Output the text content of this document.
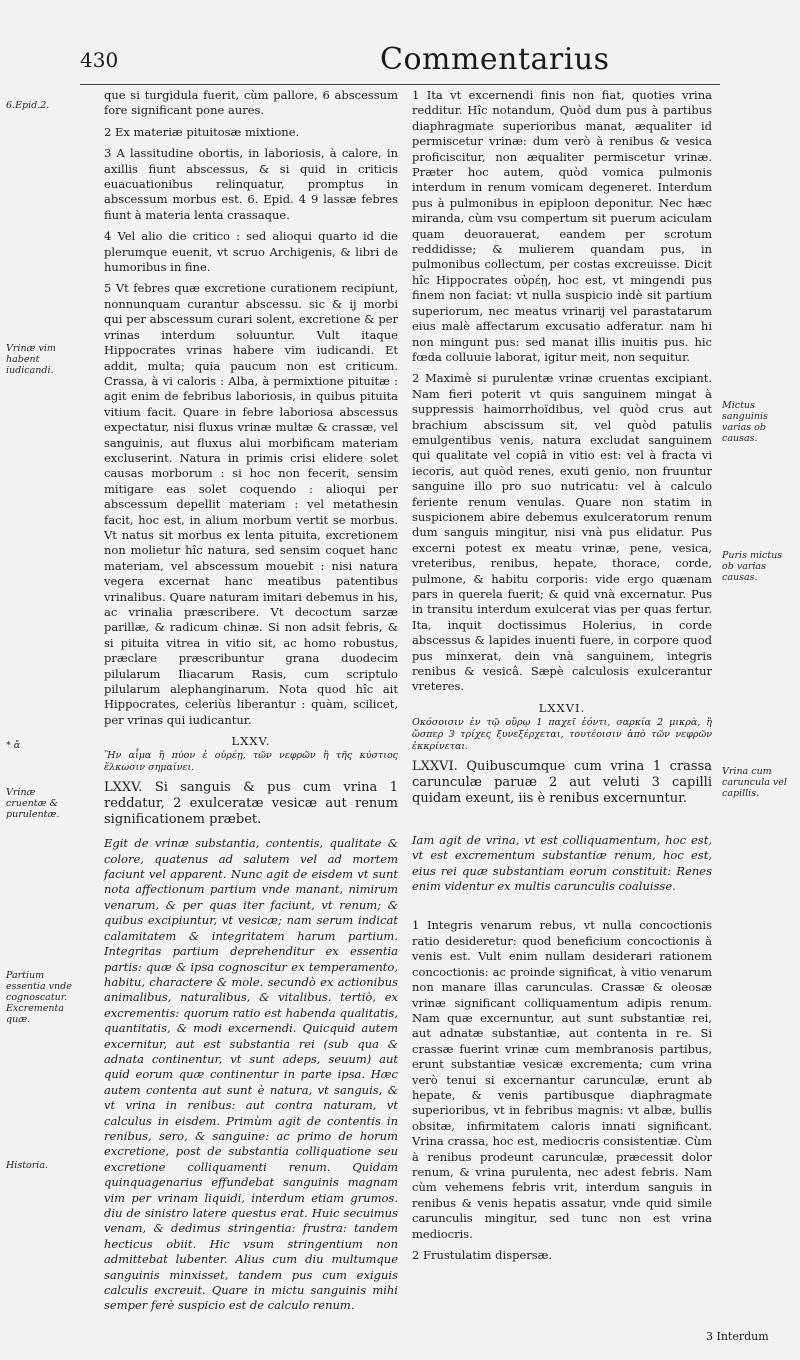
430	Commentarius

que si turgidula fuerit, cùm pallore, 6 abscessum fore significant pone aures.

2 Ex materiæ pituitosæ mixtione.

3 A lassitudine obortis, in laboriosis, à calore, in axillis fiunt abscessus, & si quid in criticis euacuationibus relinquatur, promptus in abscessum morbus est. 6. Epid. 4 9 lassæ febres fiunt à materia lenta crassaque.

4 Vel alio die critico : sed alioqui quarto id die plerumque euenit, vt scruo Archigenis, & libri de humoribus in fine.

5 Vt febres quæ excretione curationem recipiunt, nonnunquam curantur abscessu. sic & ij morbi qui per abscessum curari solent, excretione & per vrinas interdum soluuntur. Vult itaque Hippocrates vrinas habere vim iudicandi. Et addit, multa; quia paucum non est criticum. Crassa, à vi caloris : Alba, à permixtione pituitæ : agit enim de febribus laboriosis, in quibus pituita vitium facit. Quare in febre laboriosa abscessus expectatur, nisi fluxus vrinæ multæ & crassæ, vel sanguinis, aut fluxus alui morbificam materiam excluserint. Natura in primis crisi elidere solet causas morborum : si hoc non fecerit, sensim mitigare eas solet coquendo : alioqui per abscessum depellit materiam : vel metathesin facit, hoc est, in alium morbum vertit se morbus. Vt natus sit morbus ex lenta pituita, excretionem non molietur hîc natura, sed sensim coquet hanc materiam, vel abscessum mouebit : nisi natura vegera excernat hanc meatibus patentibus vrinalibus. Quare naturam imitari debemus in his, ac vrinalia præscribere. Vt decoctum sarzæ parillæ, & radicum chinæ. Si non adsit febris, & si pituita vitrea in vitio sit, ac homo robustus, præclare præscribuntur grana duodecim pilularum Iliacarum Rasis, cum scriptulo pilularum alephanginarum. Nota quod hîc ait Hippocrates, celeriùs liberantur : quàm, scilicet, per vrinas qui iudicantur.

LXXV.

Ἢν αἷμα ἢ πύον ἐ οὐρέῃ, τῶν νεφρῶν ἢ τῆς κύστιος ἕλκωσιν σημαίνει.

LXXV. Si sanguis & pus cum vrina 1 reddatur, 2 exulceratæ vesicæ aut renum significationem præbet.

Egit de vrinæ substantia, contentis, qualitate & colore, quatenus ad salutem vel ad mortem faciunt vel apparent. Nunc agit de eisdem vt sunt nota affectionum partium vnde manant, nimirum venarum, & per quas iter faciunt, vt renum; & quibus excipiuntur, vt vesicæ; nam serum indicat calamitatem & integritatem harum partium. Integritas partium deprehenditur ex essentia partis: quæ & ipsa cognoscitur ex temperamento, habitu, charactere & mole. secundò ex actionibus animalibus, naturalibus, & vitalibus. tertiò, ex excrementis: quorum ratio est habenda qualitatis, quantitatis, & modi excernendi. Quicquid autem excernitur, aut est substantia rei (sub qua & adnata continentur, vt sunt adeps, seuum) aut quid eorum quæ continentur in parte ipsa. Hæc autem contenta aut sunt è natura, vt sanguis, & vt vrina in renibus: aut contra naturam, vt calculus in eisdem. Primùm agit de contentis in renibus, sero, & sanguine: ac primo de horum excretione, post de substantia colliquatione seu excretione colliquamenti renum. Quidam quinquagenarius effundebat sanguinis magnam vim per vrinam liquidi, interdum etiam grumos. diu de sinistro latere questus erat. Huic secuimus venam, & dedimus stringentia: frustra: tandem hecticus obiit. Hic vsum stringentium non admittebat lubenter. Alius cum diu multumque sanguinis minxisset, tandem pus cum exiguis calculis excreuit. Quare in mictu sanguinis mihi semper ferè suspicio est de calculo renum.

1 Ita vt excernendi finis non fiat, quoties vrina redditur. Hîc notandum, Quòd dum pus à partibus diaphragmate superioribus manat, æqualiter id permiscetur vrinæ: dum verò à renibus & vesica proficiscitur, non æqualiter permiscetur vrinæ. Præter hoc autem, quòd vomica pulmonis interdum in renum vomicam degeneret. Interdum pus à pulmonibus in epiploon deponitur. Nec hæc miranda, cùm vsu compertum sit puerum aciculam quam deuorauerat, eandem per scrotum reddidisse; & mulierem quandam pus, in pulmonibus collectum, per costas excreuisse. Dicit hîc Hippocrates οὐρέῃ, hoc est, vt mingendi pus finem non faciat: vt nulla suspicio indè sit partium superiorum, nec meatus vrinarij vel parastatarum eius malè affectarum excusatio adferatur. nam hi non mingunt pus: sed manat illis inuitis pus. hic fœda colluuie laborat, igitur meit, non sequitur.

2 Maximè si purulentæ vrinæ cruentas excipiant. Nam fieri poterit vt quis sanguinem mingat à suppressis haimorrhoïdibus, vel quòd crus aut brachium abscissum sit, vel quòd patulis emulgentibus venis, natura excludat sanguinem qui qualitate vel copiâ in vitio est: vel à fracta vi iecoris, aut quòd renes, exuti genio, non fruuntur sanguine illo pro suo nutricatu: vel à calculo feriente renum venulas. Quare non statim in suspicionem abire debemus exulceratorum renum dum sanguis mingitur, nisi vnà pus elidatur. Pus excerni potest ex meatu vrinæ, pene, vesica, vreteribus, renibus, hepate, thorace, corde, pulmone, & habitu corporis: vide ergo quænam pars in querela fuerit; & quid vnà excernatur. Pus in transitu interdum exulcerat vias per quas fertur. Ita, inquit doctissimus Holerius, in corde abscessus & lapides inuenti fuere, in corpore quod pus minxerat, dein vnà sanguinem, integris renibus & vesicâ. Sæpè calculosis exulcerantur vreteres.

LXXVI.

Οκόσοισιν ἐν τῷ οὔρῳ 1 παχεῖ ἐόντι, σαρκία 2 μικρὰ, ἢ ὥσπερ 3 τρίχες ξυνεξέρχεται, τουτέοισιν ἀπὸ τῶν νεφρῶν ἐκκρίνεται.

LXXVI. Quibuscumque cum vrina 1 crassa carunculæ paruæ 2 aut veluti 3 capilli quidam exeunt, iis è renibus excernuntur.

Iam agit de vrina, vt est colliquamentum, hoc est, vt est excrementum substantiæ renum, hoc est, eius rei quæ substantiam eorum constituit: Renes enim videntur ex multis carunculis coaluisse.

1 Integris venarum rebus, vt nulla concoctionis ratio desideretur: quod beneficium concoctionis à venis est. Vult enim nullam desiderari rationem concoctionis: ac proinde significat, à vitio venarum non manare illas carunculas. Crassæ & oleosæ vrinæ significant colliquamentum adipis renum. Nam quæ excernuntur, aut sunt substantiæ rei, aut adnatæ substantiæ, aut contenta in re. Si crassæ fuerint vrinæ cum membranosis partibus, erunt substantiæ vesicæ excrementa; cum vrina verò tenui si excernantur carunculæ, erunt ab hepate, & venis partibusque diaphragmate superioribus, vt in febribus magnis: vt albæ, bullis obsitæ, infirmitatem caloris innati significant. Vrina crassa, hoc est, mediocris consistentiæ. Cùm à renibus prodeunt carunculæ, præcessit dolor renum, & vrina purulenta, nec adest febris. Nam cùm vehemens febris vrit, interdum sanguis in renibus & venis hepatis assatur, vnde quid simile carunculis mingitur, sed tunc non est vrina mediocris.

2 Frustulatim dispersæ.

6.Epid.2.
Vrinæ vim habent iudicandi.
* ἄ
Vrinæ cruentæ & purulentæ.
Partium essentia vnde cognoscatur. Excrementa quæ.
Historia.
Mictus sanguinis varias ob causas.
Puris mictus ob varias causas.
Vrina cum caruncula vel capillis.
3 Interdum
